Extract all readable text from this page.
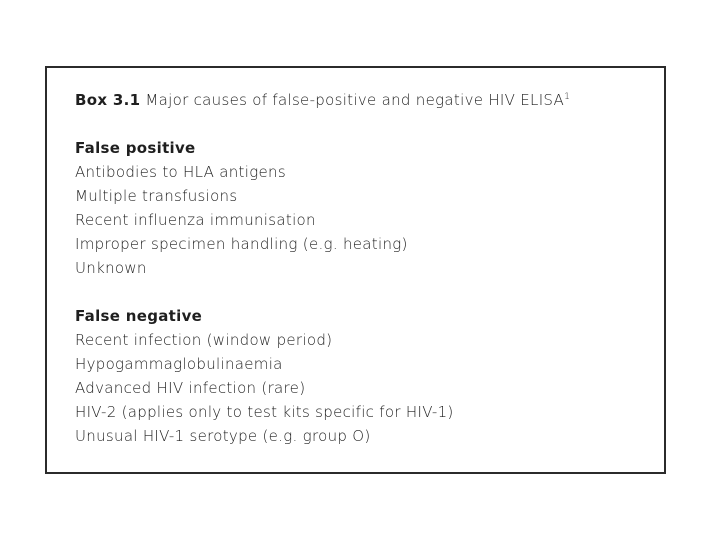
Box 3.1 Major causes of false-positive and negative HIV ELISA$^1$
False positive
Antibodies to HLA antigens
Multiple transfusions
Recent influenza immunisation
Improper specimen handling (e.g. heating)
Unknown
False negative
Recent infection (window period)
Hypogammaglobulinaemia
Advanced HIV infection (rare)
HIV-2 (applies only to test kits specific for HIV-1)
Unusual HIV-1 serotype (e.g. group O)
